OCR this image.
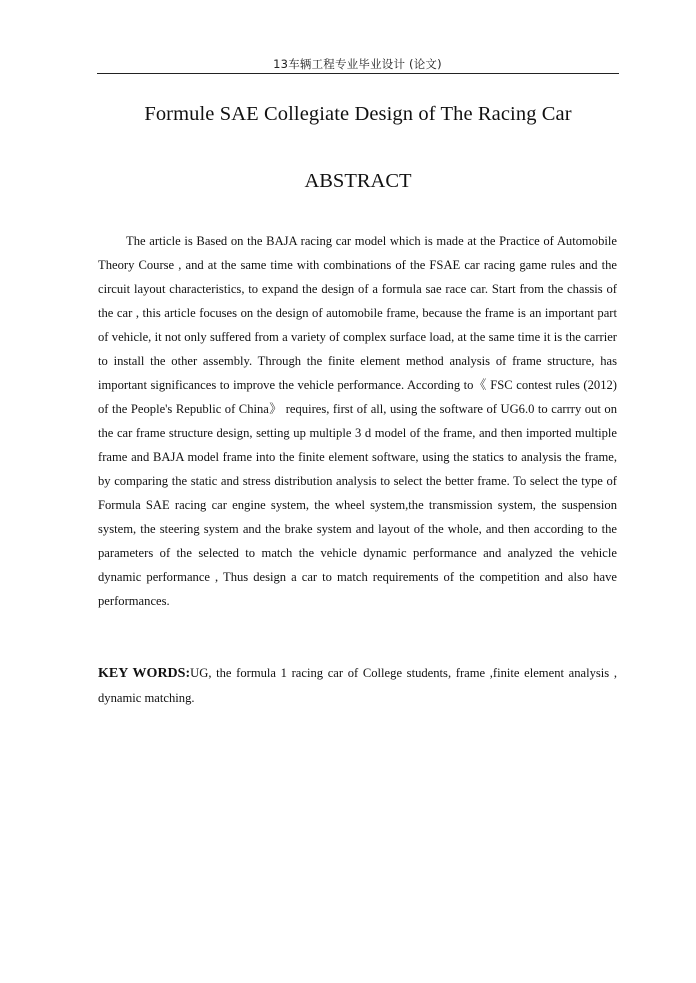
13车辆工程专业毕业设计 (论文)
Formule SAE Collegiate Design of The Racing Car
ABSTRACT

The article is Based on the BAJA racing car model which is made at the Practice of Automobile Theory Course , and at the same time with combinations of the FSAE car racing game rules and the circuit layout characteristics, to expand the design of a formula sae race car. Start from the chassis of the car , this article focuses on the design of automobile frame, because the frame is an important part of vehicle, it not only suffered from a variety of complex surface load, at the same time it is the carrier to install the other assembly. Through the finite element method analysis of frame structure, has important significances to improve the vehicle performance. According to《 FSC contest rules (2012) of the People's Republic of China》 requires, first of all, using the software of UG6.0 to carrry out on the car frame structure design, setting up multiple 3 d model of the frame, and then imported multiple frame and BAJA model frame into the finite element software, using the statics to analysis the frame, by comparing the static and stress distribution analysis to select the better frame. To select the type of Formula SAE racing car engine system, the wheel system,the transmission system, the suspension system, the steering system and the brake system and layout of the whole, and then according to the parameters of the selected to match the vehicle dynamic performance and analyzed the vehicle dynamic performance , Thus design a car to match requirements of the competition and also have performances.

KEY WORDS:UG, the formula 1 racing car of College students, frame ,finite element analysis , dynamic matching.
